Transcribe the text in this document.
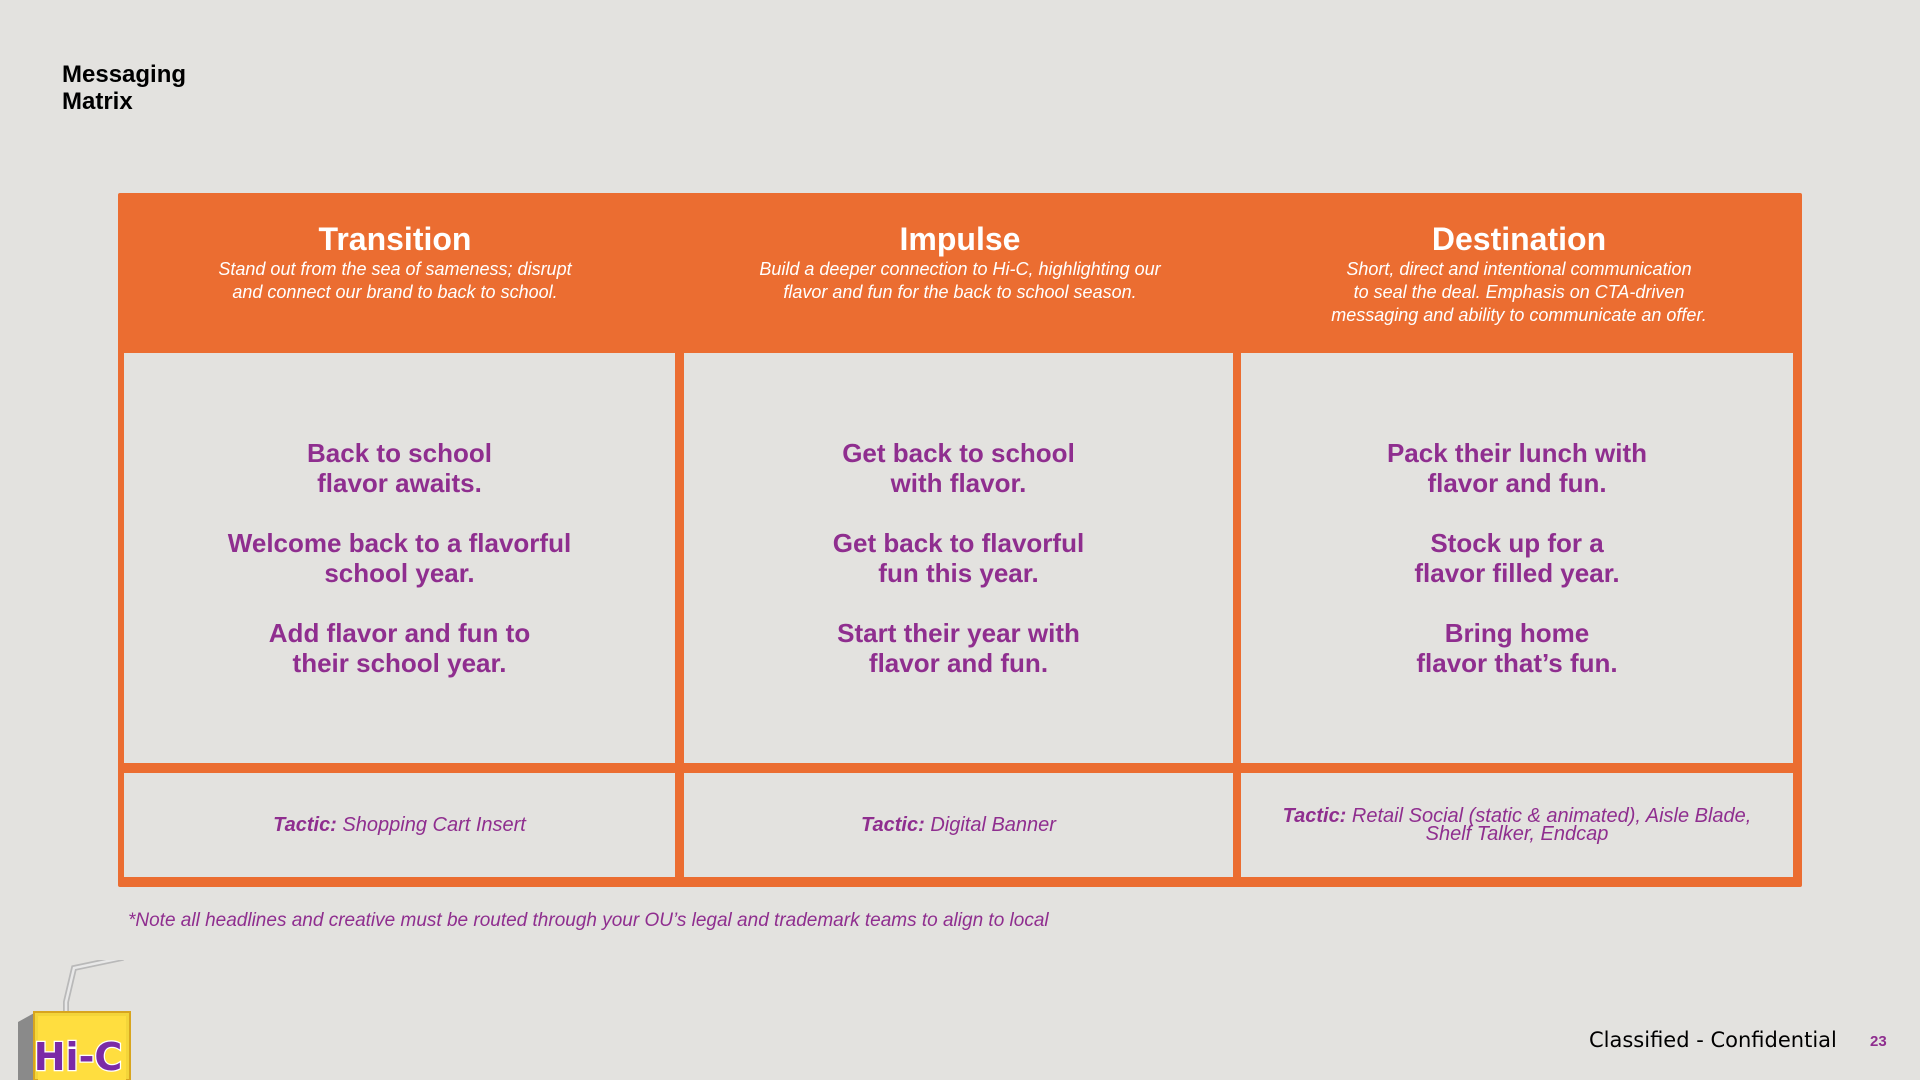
Messaging
Matrix
Transition
Stand out from the sea of sameness; disrupt
and connect our brand to back to school.
Impulse
Build a deeper connection to Hi-C, highlighting our
flavor and fun for the back to school season.
Destination
Short, direct and intentional communication
to seal the deal. Emphasis on CTA-driven
messaging and ability to communicate an offer.
Back to school
flavor awaits.
Welcome back to a flavorful
school year.
Add flavor and fun to
their school year.
Get back to school
with flavor.
Get back to flavorful
fun this year.
Start their year with
flavor and fun.
Pack their lunch with
flavor and fun.
Stock up for a
flavor filled year.
Bring home
flavor that’s fun.
Tactic: Shopping Cart Insert	Tactic: Digital Banner	Tactic: Retail Social (static & animated), Aisle Blade, Shelf Talker, Endcap
*Note all headlines and creative must be routed through your OU’s legal and trademark teams to align to local
Classified - Confidential 23
Hi-C
